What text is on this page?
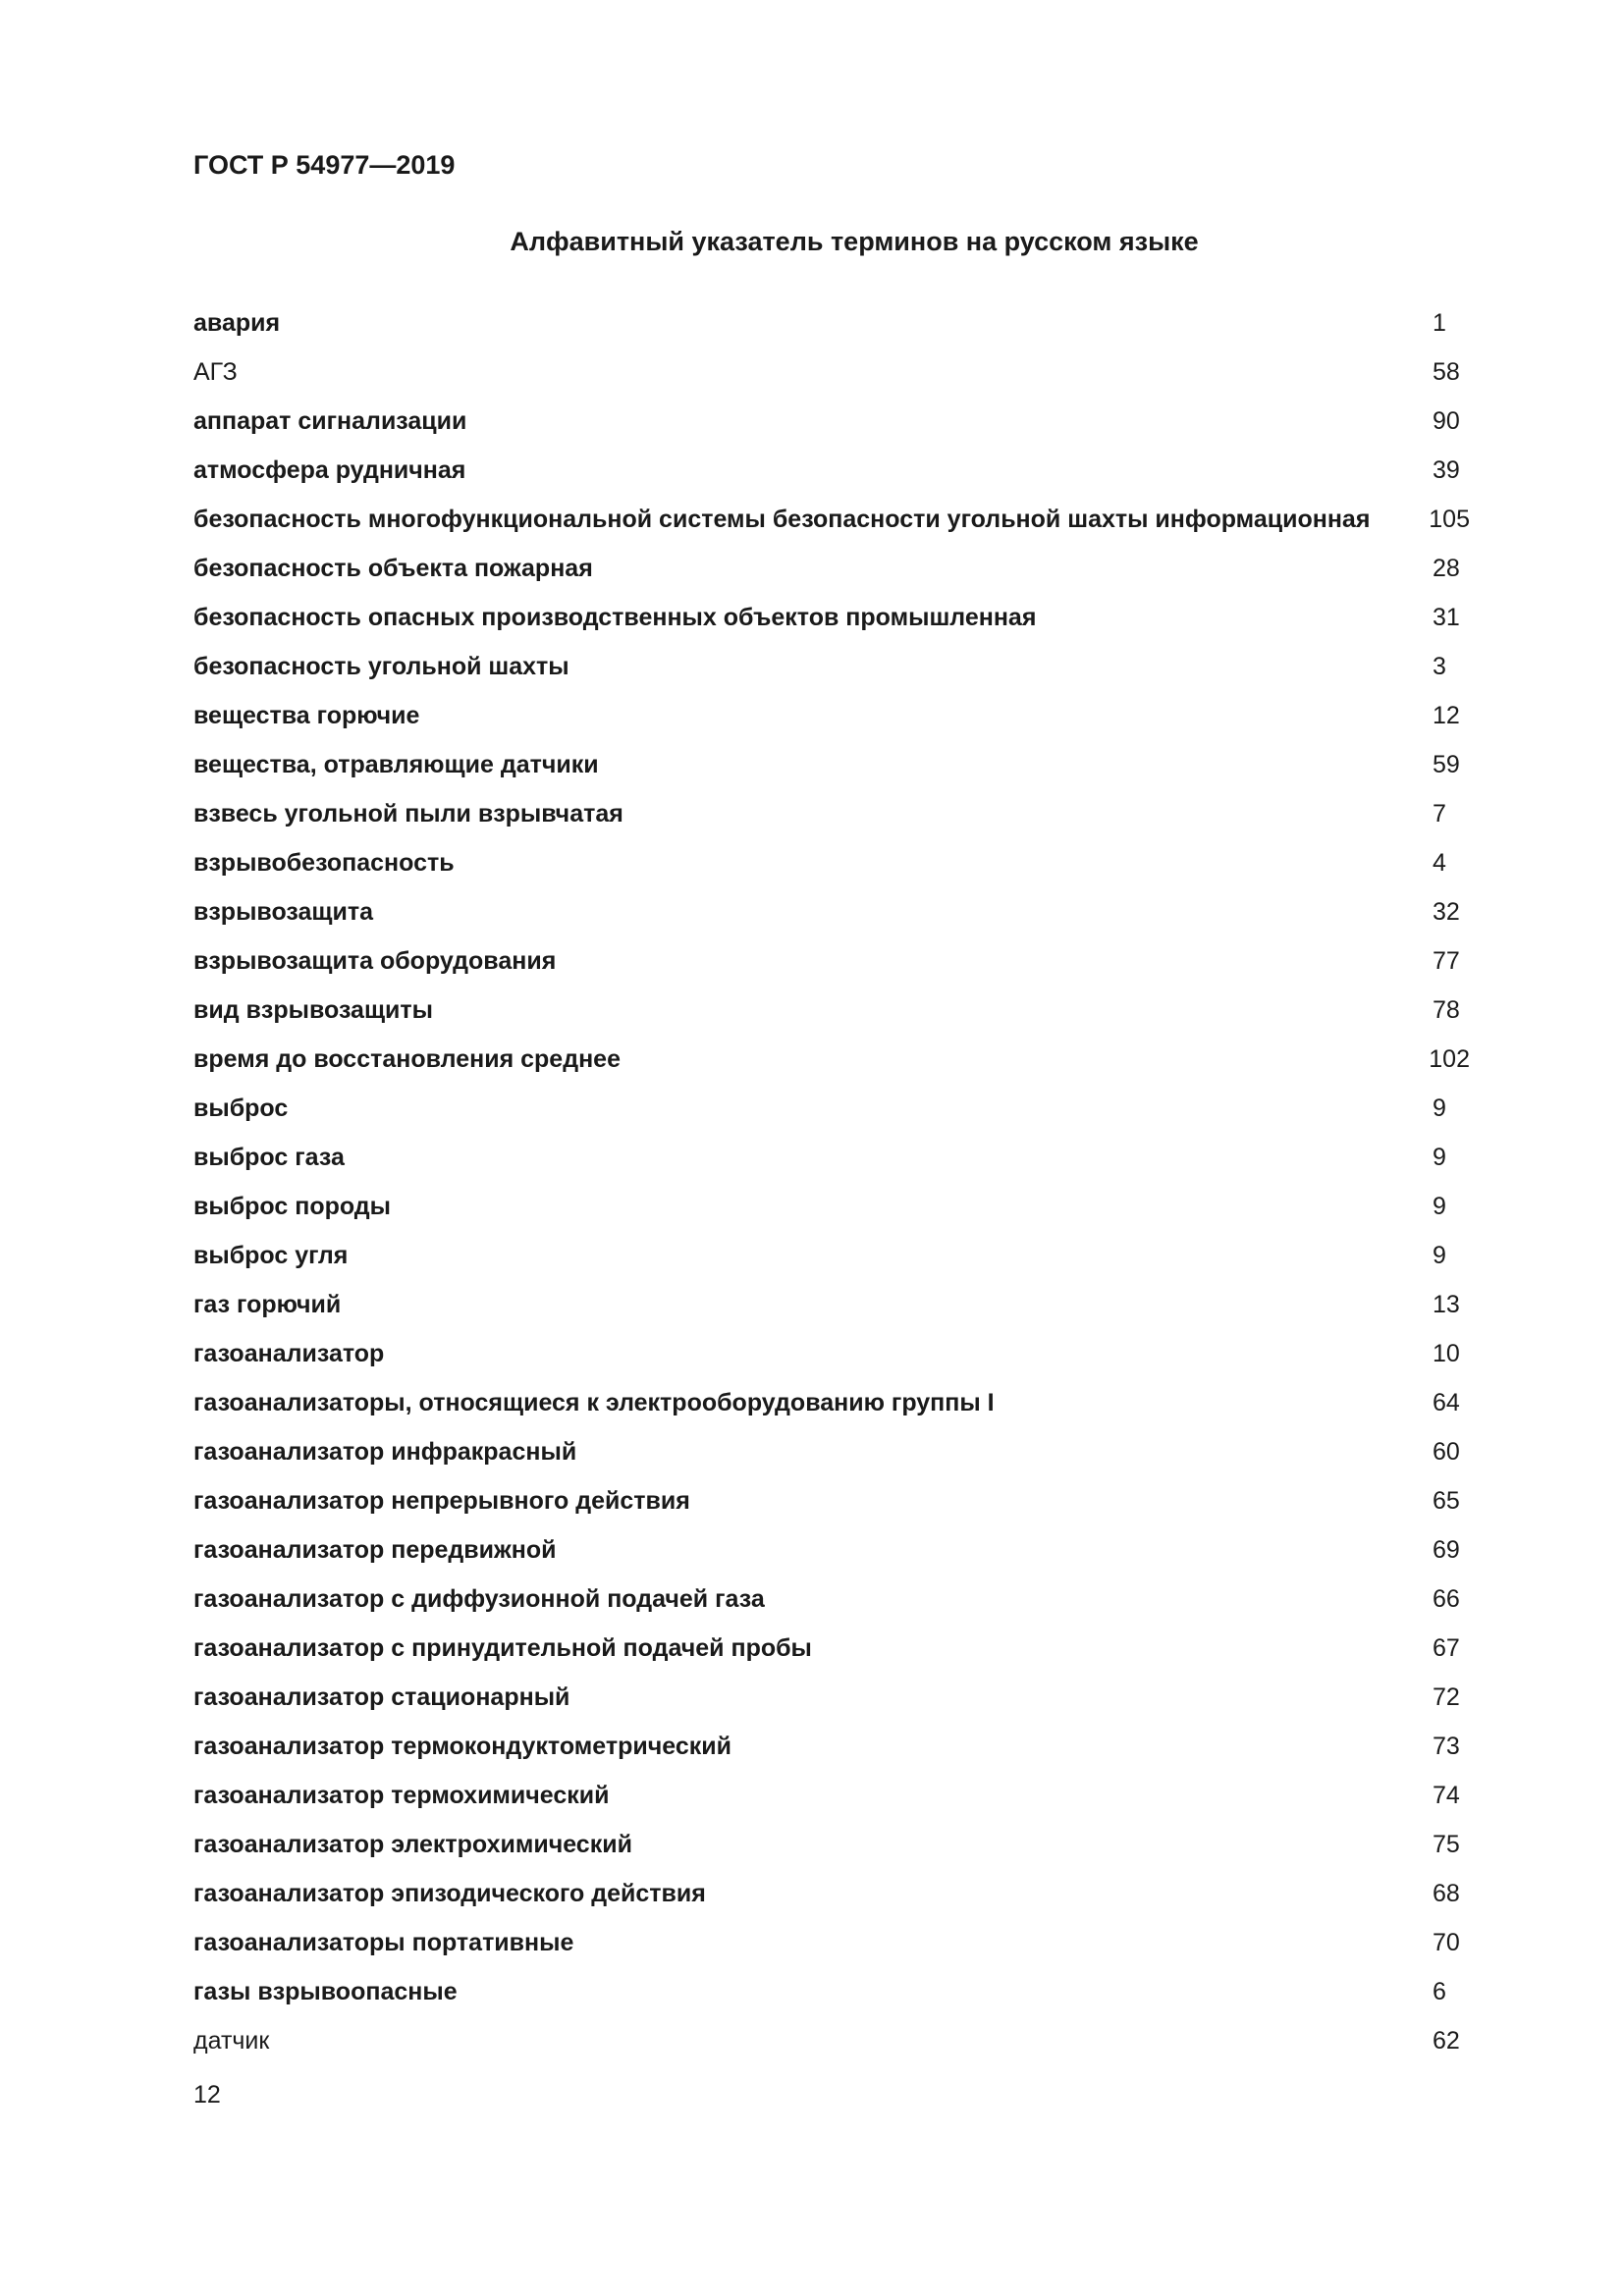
ГОСТ Р 54977—2019

Алфавитный указатель терминов на русском языке
авария	1
АГЗ	58
аппарат сигнализации	90
атмосфера рудничная	39
безопасность многофункциональной системы безопасности угольной шахты информационная	105
безопасность объекта пожарная	28
безопасность опасных производственных объектов промышленная	31
безопасность угольной шахты	3
вещества горючие	12
вещества, отравляющие датчики	59
взвесь угольной пыли взрывчатая	7
взрывобезопасность	4
взрывозащита	32
взрывозащита оборудования	77
вид взрывозащиты	78
время до восстановления среднее	102
выброс	9
выброс газа	9
выброс породы	9
выброс угля	9
газ горючий	13
газоанализатор	10
газоанализаторы, относящиеся к электрооборудованию группы I	64
газоанализатор инфракрасный	60
газоанализатор непрерывного действия	65
газоанализатор передвижной	69
газоанализатор с диффузионной подачей газа	66
газоанализатор с принудительной подачей пробы	67
газоанализатор стационарный	72
газоанализатор термокондуктометрический	73
газоанализатор термохимический	74
газоанализатор электрохимический	75
газоанализатор эпизодического действия	68
газоанализаторы портативные	70
газы взрывоопасные	6
датчик	62

12
